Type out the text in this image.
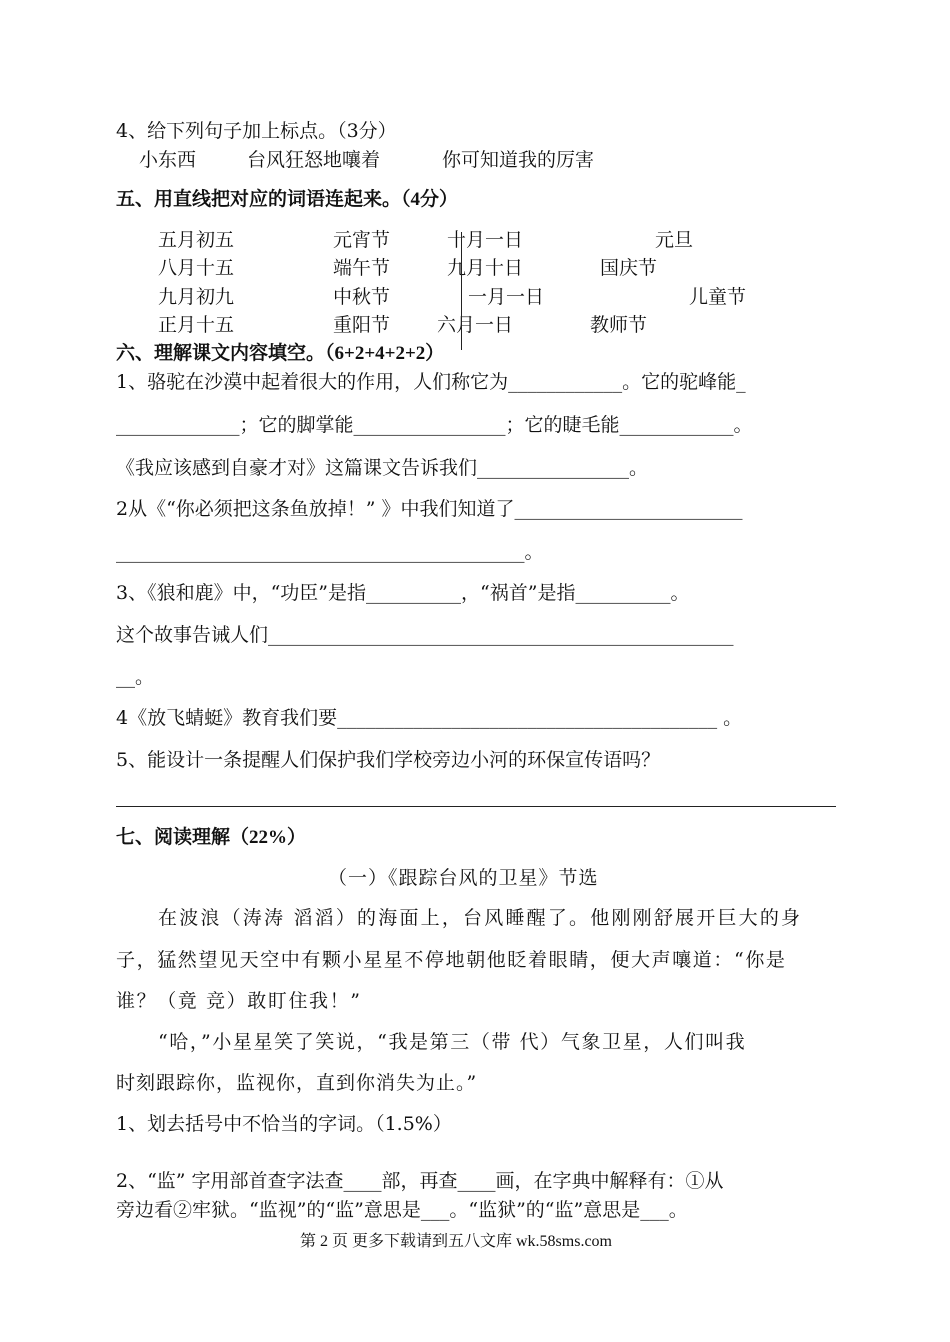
4、给下列句子加上标点。（3分）
小东西	台风狂怒地嚷着	你可知道我的厉害
五、用直线把对应的词语连起来。（4分）
五月初五
八月十五
九月初九
正月十五
元宵节
端午节
中秋节
重阳节
十月一日
九月十日
一月一日
六月一日
元旦
国庆节
儿童节
教师节
六、理解课文内容填空。（6+2+4+2+2）
1、骆驼在沙漠中起着很大的作用，人们称它为____________。它的驼峰能_
_____________；它的脚掌能________________；它的睫毛能____________。
《我应该感到自豪才对》这篇课文告诉我们________________。
2从《“你必须把这条鱼放掉！” 》中我们知道了________________________
___________________________________________。
3、《狼和鹿》中，“功臣”是指__________，“祸首”是指__________。
这个故事告诫人们_________________________________________________
__。
4《放飞蜻蜓》教育我们要________________________________________ 。
5、能设计一条提醒人们保护我们学校旁边小河的环保宣传语吗？
七、阅读理解（22%）
（一）《跟踪台风的卫星》节选
在波浪（涛涛 滔滔）的海面上，台风睡醒了。他刚刚舒展开巨大的身
子，猛然望见天空中有颗小星星不停地朝他眨着眼睛，便大声嚷道：“你是
谁？（竟 竞）敢盯住我！”
“哈，”小星星笑了笑说，“我是第三（带 代）气象卫星，人们叫我
时刻跟踪你，监视你，直到你消失为止。”
1、划去括号中不恰当的字词。（1.5%）
2、“监” 字用部首查字法查____部，再查____画，在字典中解释有：①从
旁边看②牢狱。“监视”的“监”意思是___。“监狱”的“监”意思是___。
第 2 页 更多下载请到五八文库 wk.58sms.com
